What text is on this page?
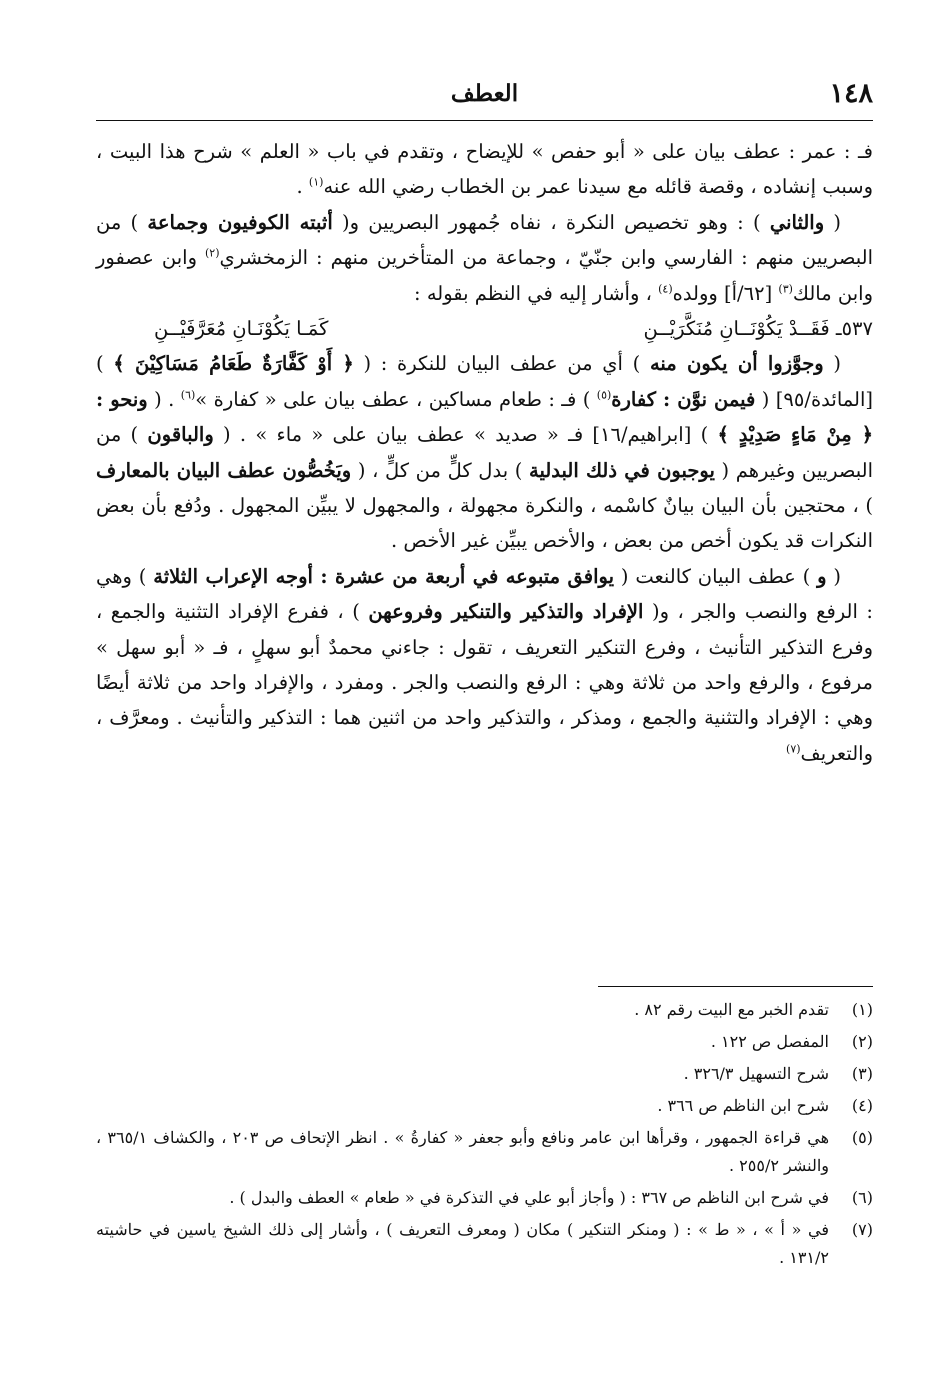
١٤٨
العطف

فـ : عمر : عطف بيان على « أبو حفص » للإيضاح ، وتقدم في باب « العلم » شرح هذا البيت ، وسبب إنشاده ، وقصة قائله مع سيدنا عمر بن الخطاب رضي الله عنه$^{(١)}$ .

( والثاني ) : وهو تخصيص النكرة ، نفاه جُمهور البصريين و( أثبته الكوفيون وجماعة ) من البصريين منهم : الفارسي وابن جنّيّ ، وجماعة من المتأخرين منهم : الزمخشري$^{(٢)}$ وابن عصفور وابن مالك$^{(٣)}$ [٦٢/أ] وولده$^{(٤)}$ ، وأشار إليه في النظم بقوله :

٥٣٧ـ فَقَــدْ يَكُوْنَــانِ مُنَكَّرَيْــنِ
كَمَـا يَكُوْنَـانِ مُعَرَّفَيْــنِ

( وجوَّزوا أن يكون منه ) أي من عطف البيان للنكرة : ( ﴿ أَوْ كَفَّارَةٌ طَعَامُ مَسَاكِيْنَ ﴾ ) [المائدة/٩٥] ( فيمن نوَّن : كفارة$^{(٥)}$ ) فـ : طعام مساكين ، عطف بيان على « كفارة »$^{(٦)}$ . ( ونحو : ﴿ مِنْ مَاءٍ صَدِيْدٍ ﴾ ) [ابراهيم/١٦] فـ « صديد » عطف بيان على « ماء » . ( والباقون ) من البصريين وغيرهم ( يوجبون في ذلك البدلية ) بدل كلٍّ من كلٍّ ، ( ويَخُصُّون عطف البيان بالمعارف ) ، محتجين بأن البيان بيانٌ كاسْمه ، والنكرة مجهولة ، والمجهول لا يبيِّن المجهول . ودُفع بأن بعض النكرات قد يكون أخص من بعض ، والأخص يبيِّن غير الأخص .

( و ) عطف البيان كالنعت ( يوافق متبوعه في أربعة من عشرة : أوجه الإعراب الثلاثة ) وهي : الرفع والنصب والجر ، و( الإفراد والتذكير والتنكير وفروعهن ) ، ففرع الإفراد التثنية والجمع ، وفرع التذكير التأنيث ، وفرع التنكير التعريف ، تقول : جاءني محمدٌ أبو سهلٍ ، فـ « أبو سهل » مرفوع ، والرفع واحد من ثلاثة وهي : الرفع والنصب والجر . ومفرد ، والإفراد واحد من ثلاثة أيضًا وهي : الإفراد والتثنية والجمع ، ومذكر ، والتذكير واحد من اثنين هما : التذكير والتأنيث . ومعرَّف ، والتعريف$^{(٧)}$

(١)
تقدم الخبر مع البيت رقم ٨٢ .
(٢)
المفصل ص ١٢٢ .
(٣)
شرح التسهيل ٣٢٦/٣ .
(٤)
شرح ابن الناظم ص ٣٦٦ .
(٥)
هي قراءة الجمهور ، وقرأها ابن عامر ونافع وأبو جعفر « كفارةُ » . انظر الإتحاف ص ٢٠٣ ، والكشاف ٣٦٥/١ ، والنشر ٢٥٥/٢ .
(٦)
في شرح ابن الناظم ص ٣٦٧ : ( وأجاز أبو علي في التذكرة في « طعام » العطف والبدل ) .
(٧)
في « أ » ، « ط » : ( ومنكر التنكير ) مكان ( ومعرف التعريف ) ، وأشار إلى ذلك الشيخ ياسين في حاشيته ١٣١/٢ .
